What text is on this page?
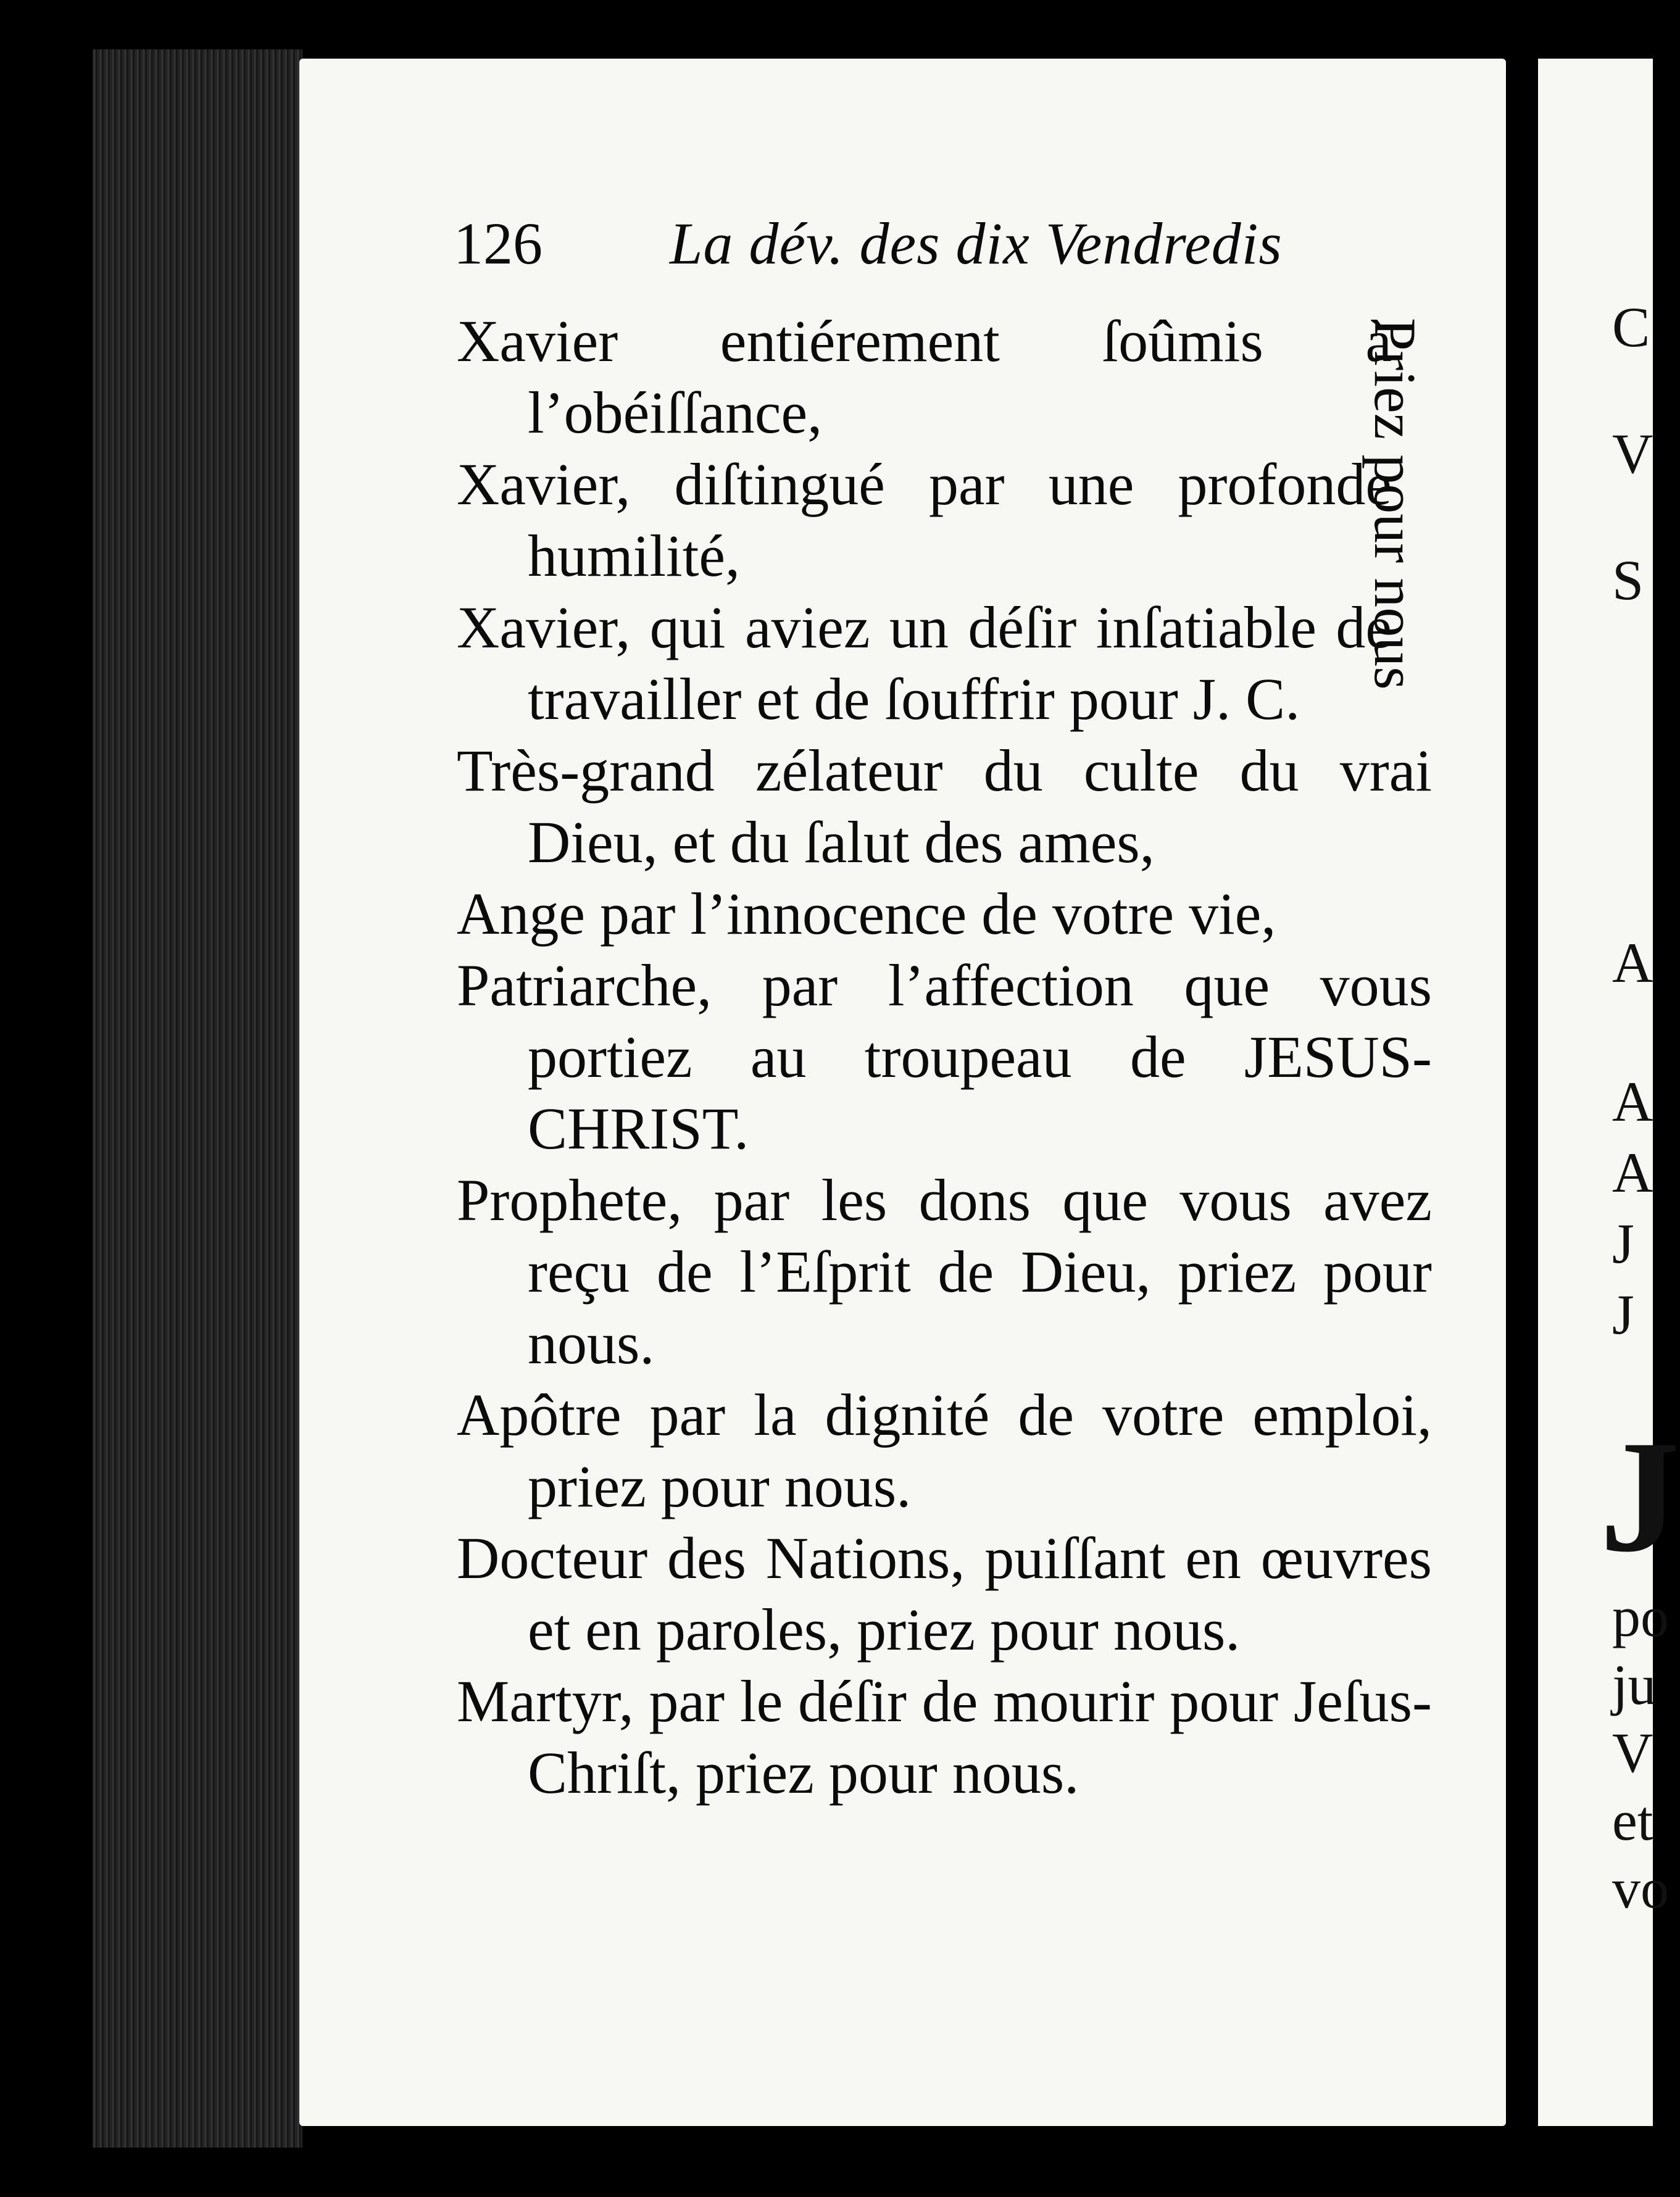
126 La dév. des dix Vendredis
Priez pour nous

Xavier entiérement ſoûmis à l’obéiſſance,

Xavier, diſtingué par une profonde humilité,

Xavier, qui aviez un déſir inſatiable de travailler et de ſouffrir pour J. C.

Très-grand zélateur du culte du vrai Dieu, et du ſalut des ames,

Ange par l’innocence de votre vie,

Patriarche, par l’affection que vous portiez au troupeau de JESUS-CHRIST.

Prophete, par les dons que vous avez reçu de l’Eſprit de Dieu, priez pour nous.

Apôtre par la dignité de votre emploi, priez pour nous.

Docteur des Nations, puiſſant en œuvres et en paroles, priez pour nous.

Martyr, par le déſir de mourir pour Jeſus-Chriſt, priez pour nous.

C
V
S
A
A
A
J
J
J
po
ju
V
et
vo
